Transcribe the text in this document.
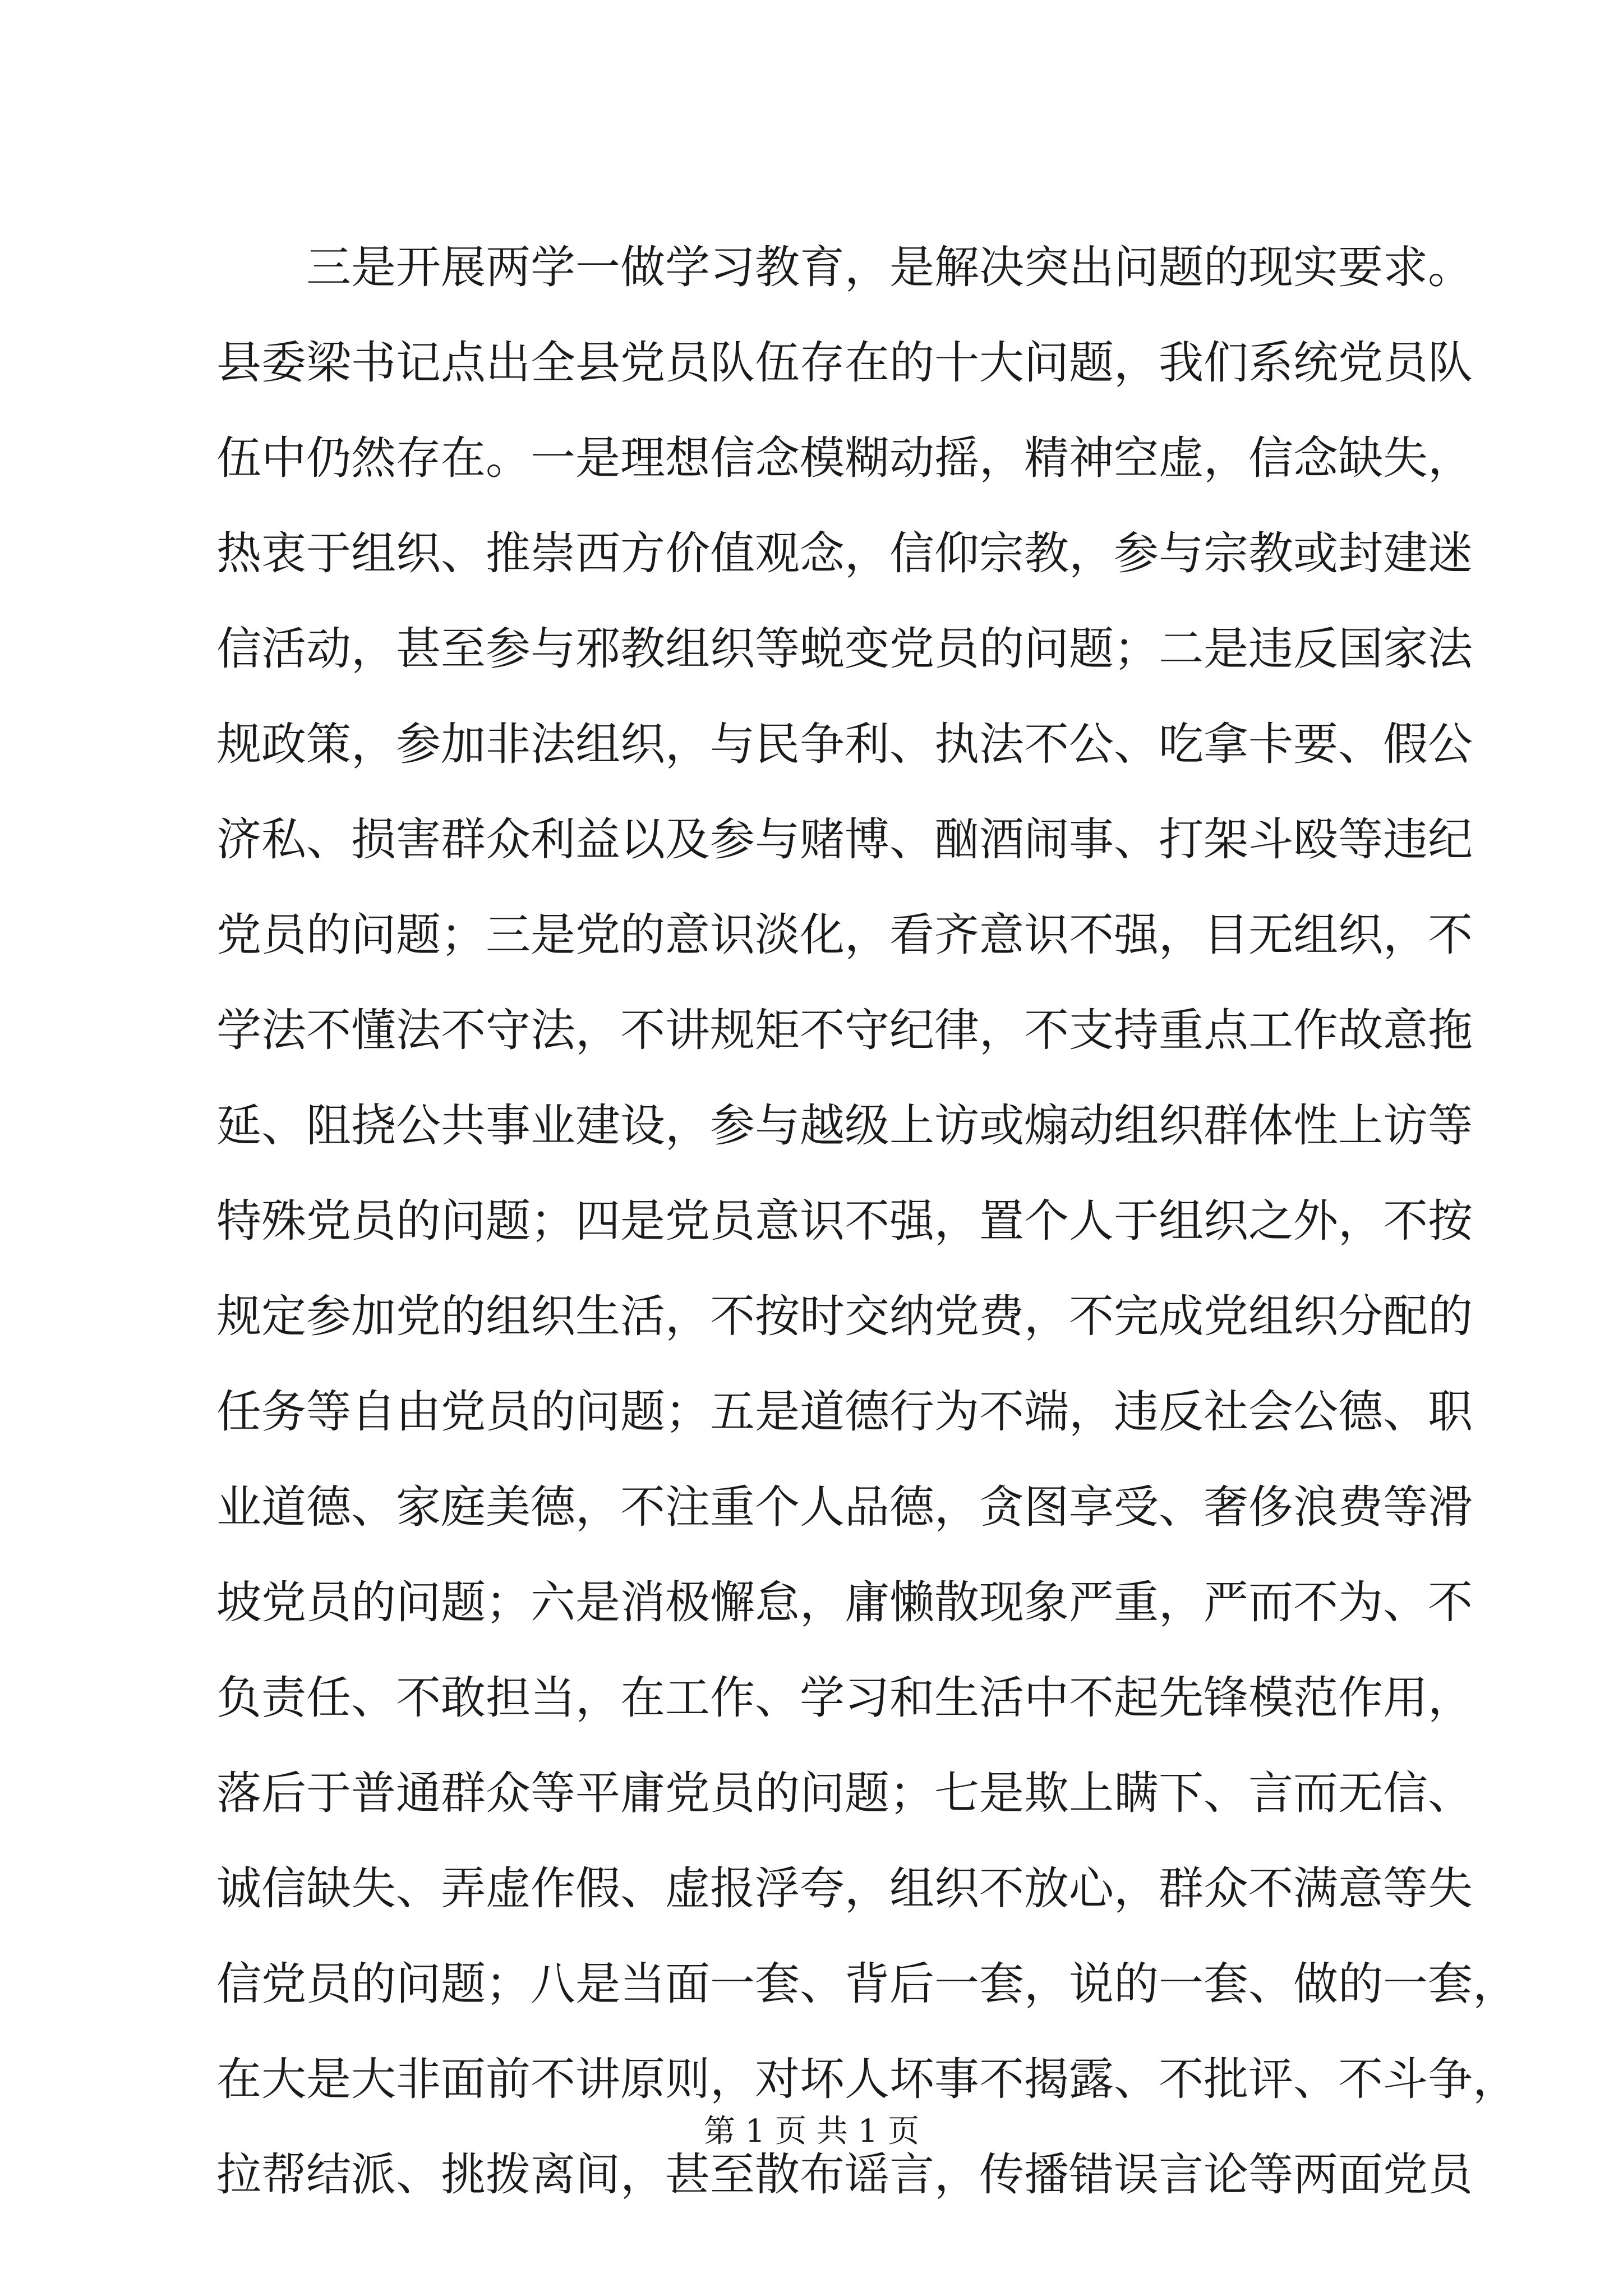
三是开展两学一做学习教育，是解决突出问题的现实要求。
县委梁书记点出全县党员队伍存在的十大问题，我们系统党员队
伍中仍然存在。一是理想信念模糊动摇，精神空虚，信念缺失，
热衷于组织、推崇西方价值观念，信仰宗教，参与宗教或封建迷
信活动，甚至参与邪教组织等蜕变党员的问题；二是违反国家法
规政策，参加非法组织，与民争利、执法不公、吃拿卡要、假公
济私、损害群众利益以及参与赌博、酗酒闹事、打架斗殴等违纪
党员的问题；三是党的意识淡化，看齐意识不强，目无组织，不
学法不懂法不守法，不讲规矩不守纪律，不支持重点工作故意拖
延、阻挠公共事业建设，参与越级上访或煽动组织群体性上访等
特殊党员的问题；四是党员意识不强，置个人于组织之外，不按
规定参加党的组织生活，不按时交纳党费，不完成党组织分配的
任务等自由党员的问题；五是道德行为不端，违反社会公德、职
业道德、家庭美德，不注重个人品德，贪图享受、奢侈浪费等滑
坡党员的问题；六是消极懈怠，庸懒散现象严重，严而不为、不
负责任、不敢担当，在工作、学习和生活中不起先锋模范作用，
落后于普通群众等平庸党员的问题；七是欺上瞒下、言而无信、
诚信缺失、弄虚作假、虚报浮夸，组织不放心，群众不满意等失
信党员的问题；八是当面一套、背后一套，说的一套、做的一套，
在大是大非面前不讲原则，对坏人坏事不揭露、不批评、不斗争，
拉帮结派、挑拨离间，甚至散布谣言，传播错误言论等两面党员
第 1 页 共 1 页
